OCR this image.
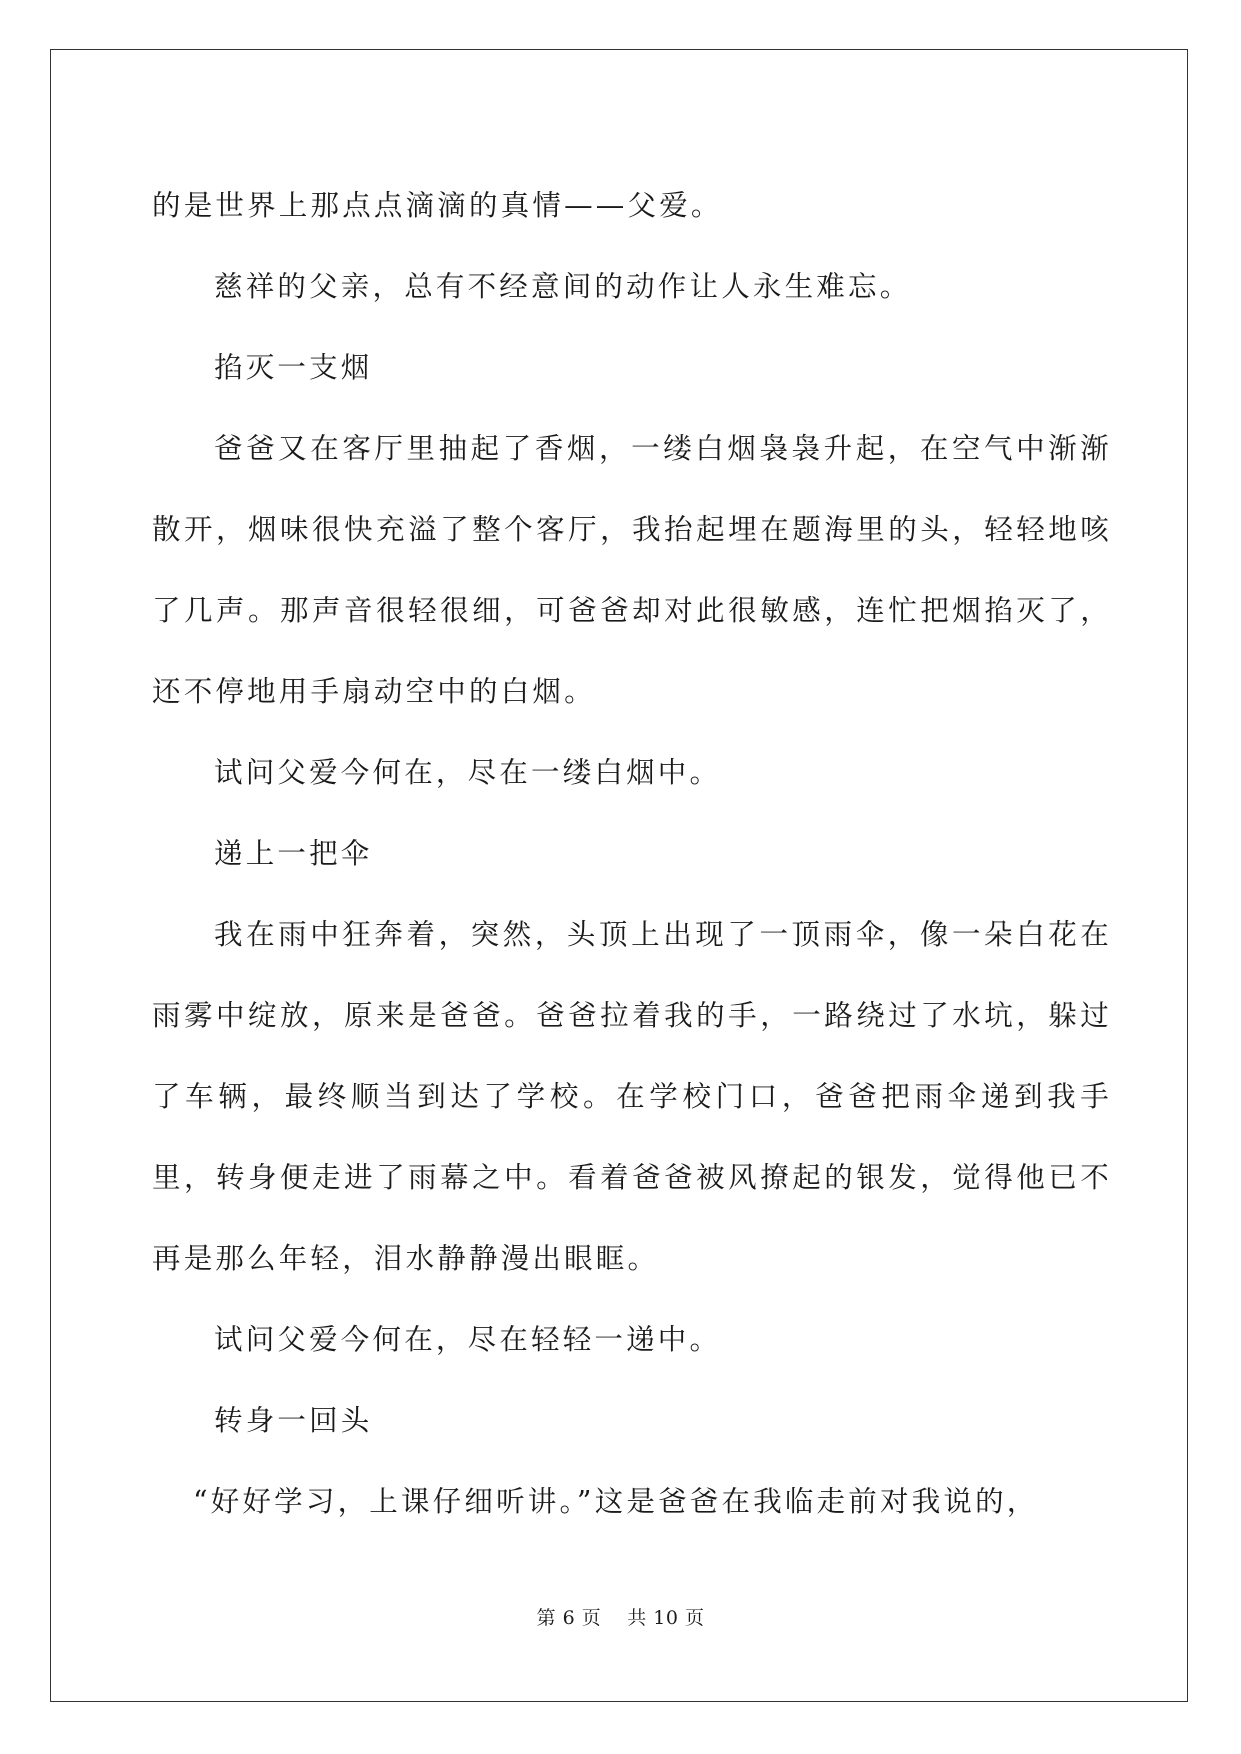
的是世界上那点点滴滴的真情——父爱。

慈祥的父亲，总有不经意间的动作让人永生难忘。

掐灭一支烟

爸爸又在客厅里抽起了香烟，一缕白烟袅袅升起，在空气中渐渐散开，烟味很快充溢了整个客厅，我抬起埋在题海里的头，轻轻地咳了几声。那声音很轻很细，可爸爸却对此很敏感，连忙把烟掐灭了，还不停地用手扇动空中的白烟。

试问父爱今何在，尽在一缕白烟中。

递上一把伞

我在雨中狂奔着，突然，头顶上出现了一顶雨伞，像一朵白花在雨雾中绽放，原来是爸爸。爸爸拉着我的手，一路绕过了水坑，躲过了车辆，最终顺当到达了学校。在学校门口，爸爸把雨伞递到我手里，转身便走进了雨幕之中。看着爸爸被风撩起的银发，觉得他已不再是那么年轻，泪水静静漫出眼眶。

试问父爱今何在，尽在轻轻一递中。

转身一回头

“好好学习，上课仔细听讲。”这是爸爸在我临走前对我说的，

第 6 页 共 10 页
